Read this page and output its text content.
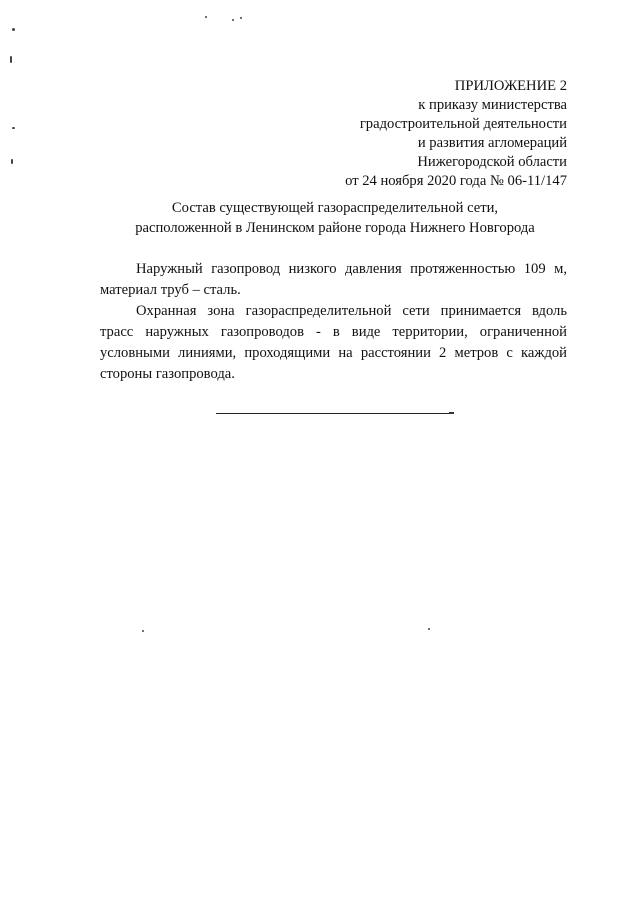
ПРИЛОЖЕНИЕ 2
к приказу министерства
градостроительной деятельности
и развития агломераций
Нижегородской области
от 24 ноября 2020 года № 06-11/147
Состав существующей газораспределительной сети,
расположенной в Ленинском районе города Нижнего Новгорода

Наружный газопровод низкого давления протяженностью 109 м, материал труб – сталь.

Охранная зона газораспределительной сети принимается вдоль трасс наружных газопроводов - в виде территории, ограниченной условными линиями, проходящими на расстоянии 2 метров с каждой стороны газопровода.
